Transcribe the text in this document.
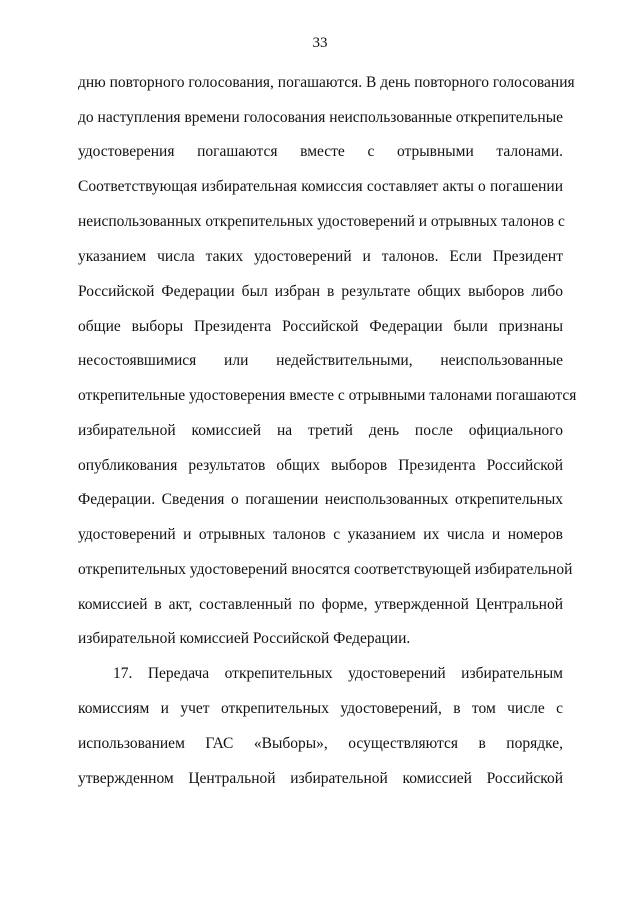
33
дню повторного голосования, погашаются. В день повторного голосования
до наступления времени голосования неиспользованные открепительные
удостоверения погашаются вместе с отрывными талонами.
Соответствующая избирательная комиссия составляет акты о погашении
неиспользованных открепительных удостоверений и отрывных талонов с
указанием числа таких удостоверений и талонов. Если Президент
Российской Федерации был избран в результате общих выборов либо
общие выборы Президента Российской Федерации были признаны
несостоявшимися или недействительными, неиспользованные
открепительные удостоверения вместе с отрывными талонами погашаются
избирательной комиссией на третий день после официального
опубликования результатов общих выборов Президента Российской
Федерации. Сведения о погашении неиспользованных открепительных
удостоверений и отрывных талонов с указанием их числа и номеров
открепительных удостоверений вносятся соответствующей избирательной
комиссией в акт, составленный по форме, утвержденной Центральной
избирательной комиссией Российской Федерации.
17. Передача открепительных удостоверений избирательным
комиссиям и учет открепительных удостоверений, в том числе с
использованием ГАС «Выборы», осуществляются в порядке,
утвержденном Центральной избирательной комиссией Российской
